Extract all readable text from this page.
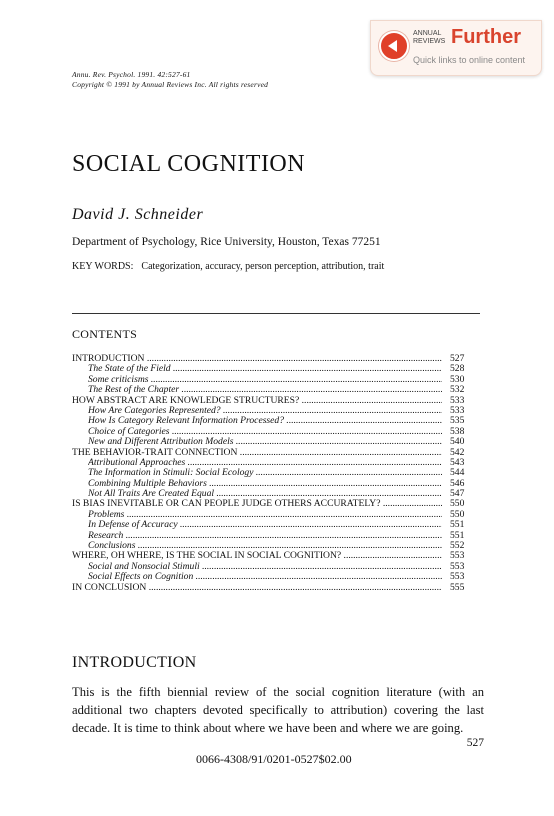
ANNUAL
REVIEWS Further
Quick links to online content
Annu. Rev. Psychol. 1991. 42:527-61
Copyright © 1991 by Annual Reviews Inc. All rights reserved
SOCIAL COGNITION
David J. Schneider
Department of Psychology, Rice University, Houston, Texas 77251
KEY WORDS: Categorization, accuracy, person perception, attribution, trait
CONTENTS
INTRODUCTION .....	527
The State of the Field .....	528
Some criticisms .....	530
The Rest of the Chapter .....	532
HOW ABSTRACT ARE KNOWLEDGE STRUCTURES? .....	533
How Are Categories Represented? .....	533
How Is Category Relevant Information Processed? .....	535
Choice of Categories .....	538
New and Different Attribution Models .....	540
THE BEHAVIOR-TRAIT CONNECTION .....	542
Attributional Approaches .....	543
The Information in Stimuli: Social Ecology .....	544
Combining Multiple Behaviors .....	546
Not All Traits Are Created Equal .....	547
IS BIAS INEVITABLE OR CAN PEOPLE JUDGE OTHERS ACCURATELY? .....	550
Problems .....	550
In Defense of Accuracy .....	551
Research .....	551
Conclusions .....	552
WHERE, OH WHERE, IS THE SOCIAL IN SOCIAL COGNITION? .....	553
Social and Nonsocial Stimuli .....	553
Social Effects on Cognition .....	553
IN CONCLUSION .....	555
INTRODUCTION
This is the fifth biennial review of the social cognition literature (with an additional two chapters devoted specifically to attribution) covering the last decade. It is time to think about where we have been and where we are going.
527
0066-4308/91/0201-0527$02.00
